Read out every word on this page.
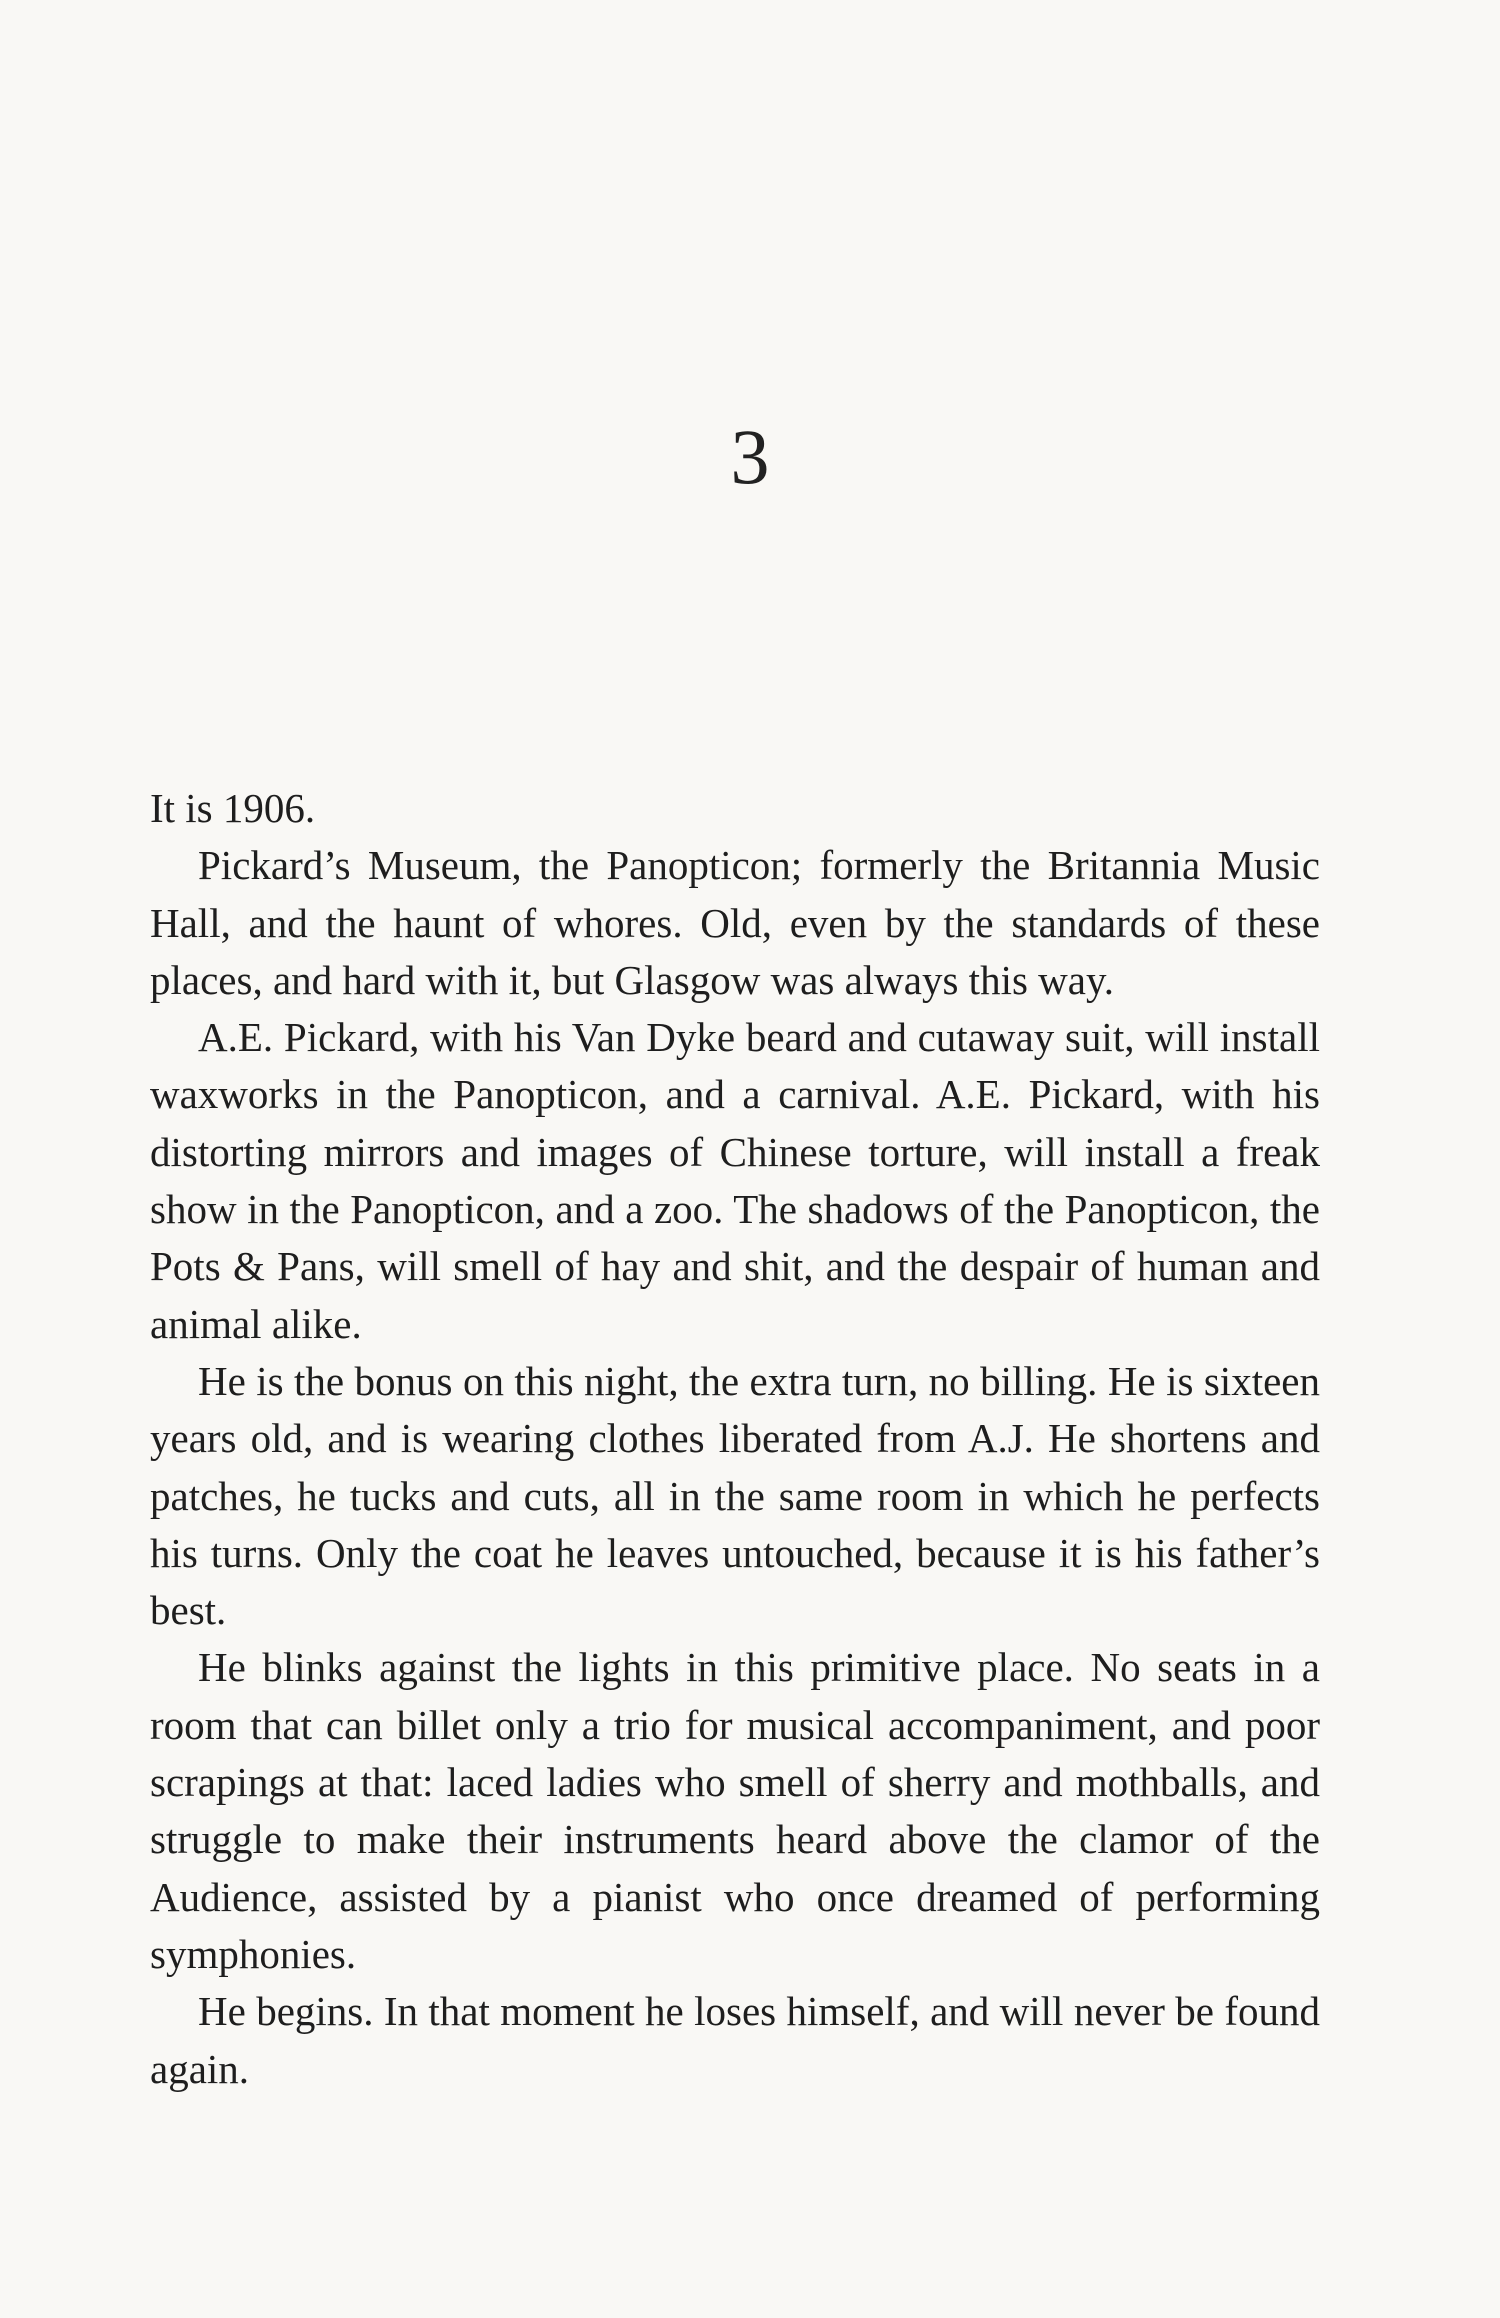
3

It is 1906.

Pickard’s Museum, the Panopticon; formerly the Britannia Music Hall, and the haunt of whores. Old, even by the standards of these places, and hard with it, but Glasgow was always this way.

A.E. Pickard, with his Van Dyke beard and cutaway suit, will install waxworks in the Panopticon, and a carnival. A.E. Pickard, with his distorting mirrors and images of Chinese torture, will install a freak show in the Panopticon, and a zoo. The shadows of the Panopticon, the Pots & Pans, will smell of hay and shit, and the despair of human and animal alike.

He is the bonus on this night, the extra turn, no billing. He is sixteen years old, and is wearing clothes liberated from A.J. He shortens and patches, he tucks and cuts, all in the same room in which he perfects his turns. Only the coat he leaves untouched, because it is his father’s best.

He blinks against the lights in this primitive place. No seats in a room that can billet only a trio for musical accompaniment, and poor scrapings at that: laced ladies who smell of sherry and mothballs, and struggle to make their instruments heard above the clamor of the Audience, assisted by a pianist who once dreamed of performing symphonies.

He begins. In that moment he loses himself, and will never be found again.
